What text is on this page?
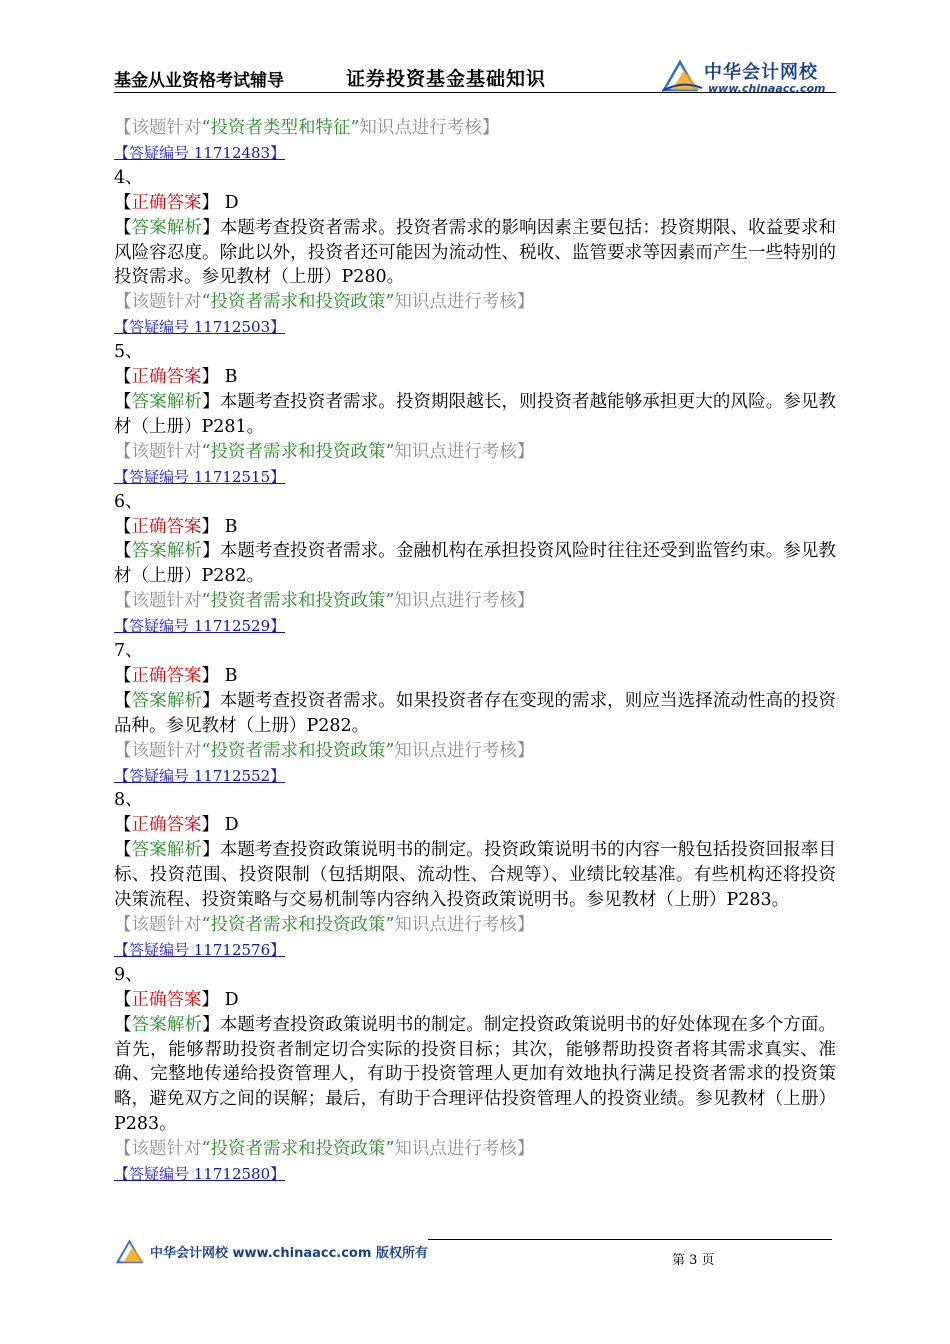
基金从业资格考试辅导	证券投资基金基础知识	中华会计网校
www.chinaacc.com
【该题针对“投资者类型和特征”知识点进行考核】
【答疑编号 11712483】
4、
【正确答案】 D
【答案解析】本题考查投资者需求。投资者需求的影响因素主要包括：投资期限、收益要求和风险容忍度。除此以外，投资者还可能因为流动性、税收、监管要求等因素而产生一些特别的投资需求。参见教材（上册）P280。
【该题针对“投资者需求和投资政策”知识点进行考核】
【答疑编号 11712503】
5、
【正确答案】 B
【答案解析】本题考查投资者需求。投资期限越长，则投资者越能够承担更大的风险。参见教材（上册）P281。
【该题针对“投资者需求和投资政策”知识点进行考核】
【答疑编号 11712515】
6、
【正确答案】 B
【答案解析】本题考查投资者需求。金融机构在承担投资风险时往往还受到监管约束。参见教材（上册）P282。
【该题针对“投资者需求和投资政策”知识点进行考核】
【答疑编号 11712529】
7、
【正确答案】 B
【答案解析】本题考查投资者需求。如果投资者存在变现的需求，则应当选择流动性高的投资品种。参见教材（上册）P282。
【该题针对“投资者需求和投资政策”知识点进行考核】
【答疑编号 11712552】
8、
【正确答案】 D
【答案解析】本题考查投资政策说明书的制定。投资政策说明书的内容一般包括投资回报率目标、投资范围、投资限制（包括期限、流动性、合规等）、业绩比较基准。有些机构还将投资决策流程、投资策略与交易机制等内容纳入投资政策说明书。参见教材（上册）P283。
【该题针对“投资者需求和投资政策”知识点进行考核】
【答疑编号 11712576】
9、
【正确答案】 D
【答案解析】本题考查投资政策说明书的制定。制定投资政策说明书的好处体现在多个方面。首先，能够帮助投资者制定切合实际的投资目标；其次，能够帮助投资者将其需求真实、准确、完整地传递给投资管理人，有助于投资管理人更加有效地执行满足投资者需求的投资策略，避免双方之间的误解；最后，有助于合理评估投资管理人的投资业绩。参见教材（上册）P283。
【该题针对“投资者需求和投资政策”知识点进行考核】
【答疑编号 11712580】
中华会计网校 www.chinaacc.com 版权所有	第 3 页
